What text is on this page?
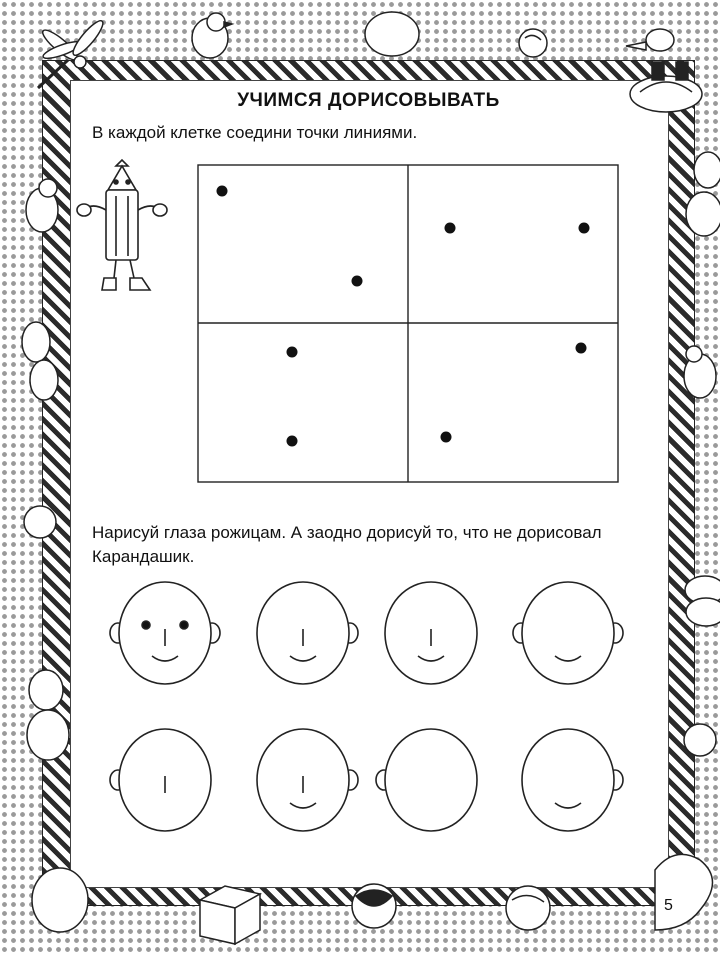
УЧИМСЯ ДОРИСОВЫВАТЬ
В каждой клетке соедини точки линиями.
Нарисуй глаза рожицам. А заодно дорисуй то, что не дорисовал Карандашик.
5
